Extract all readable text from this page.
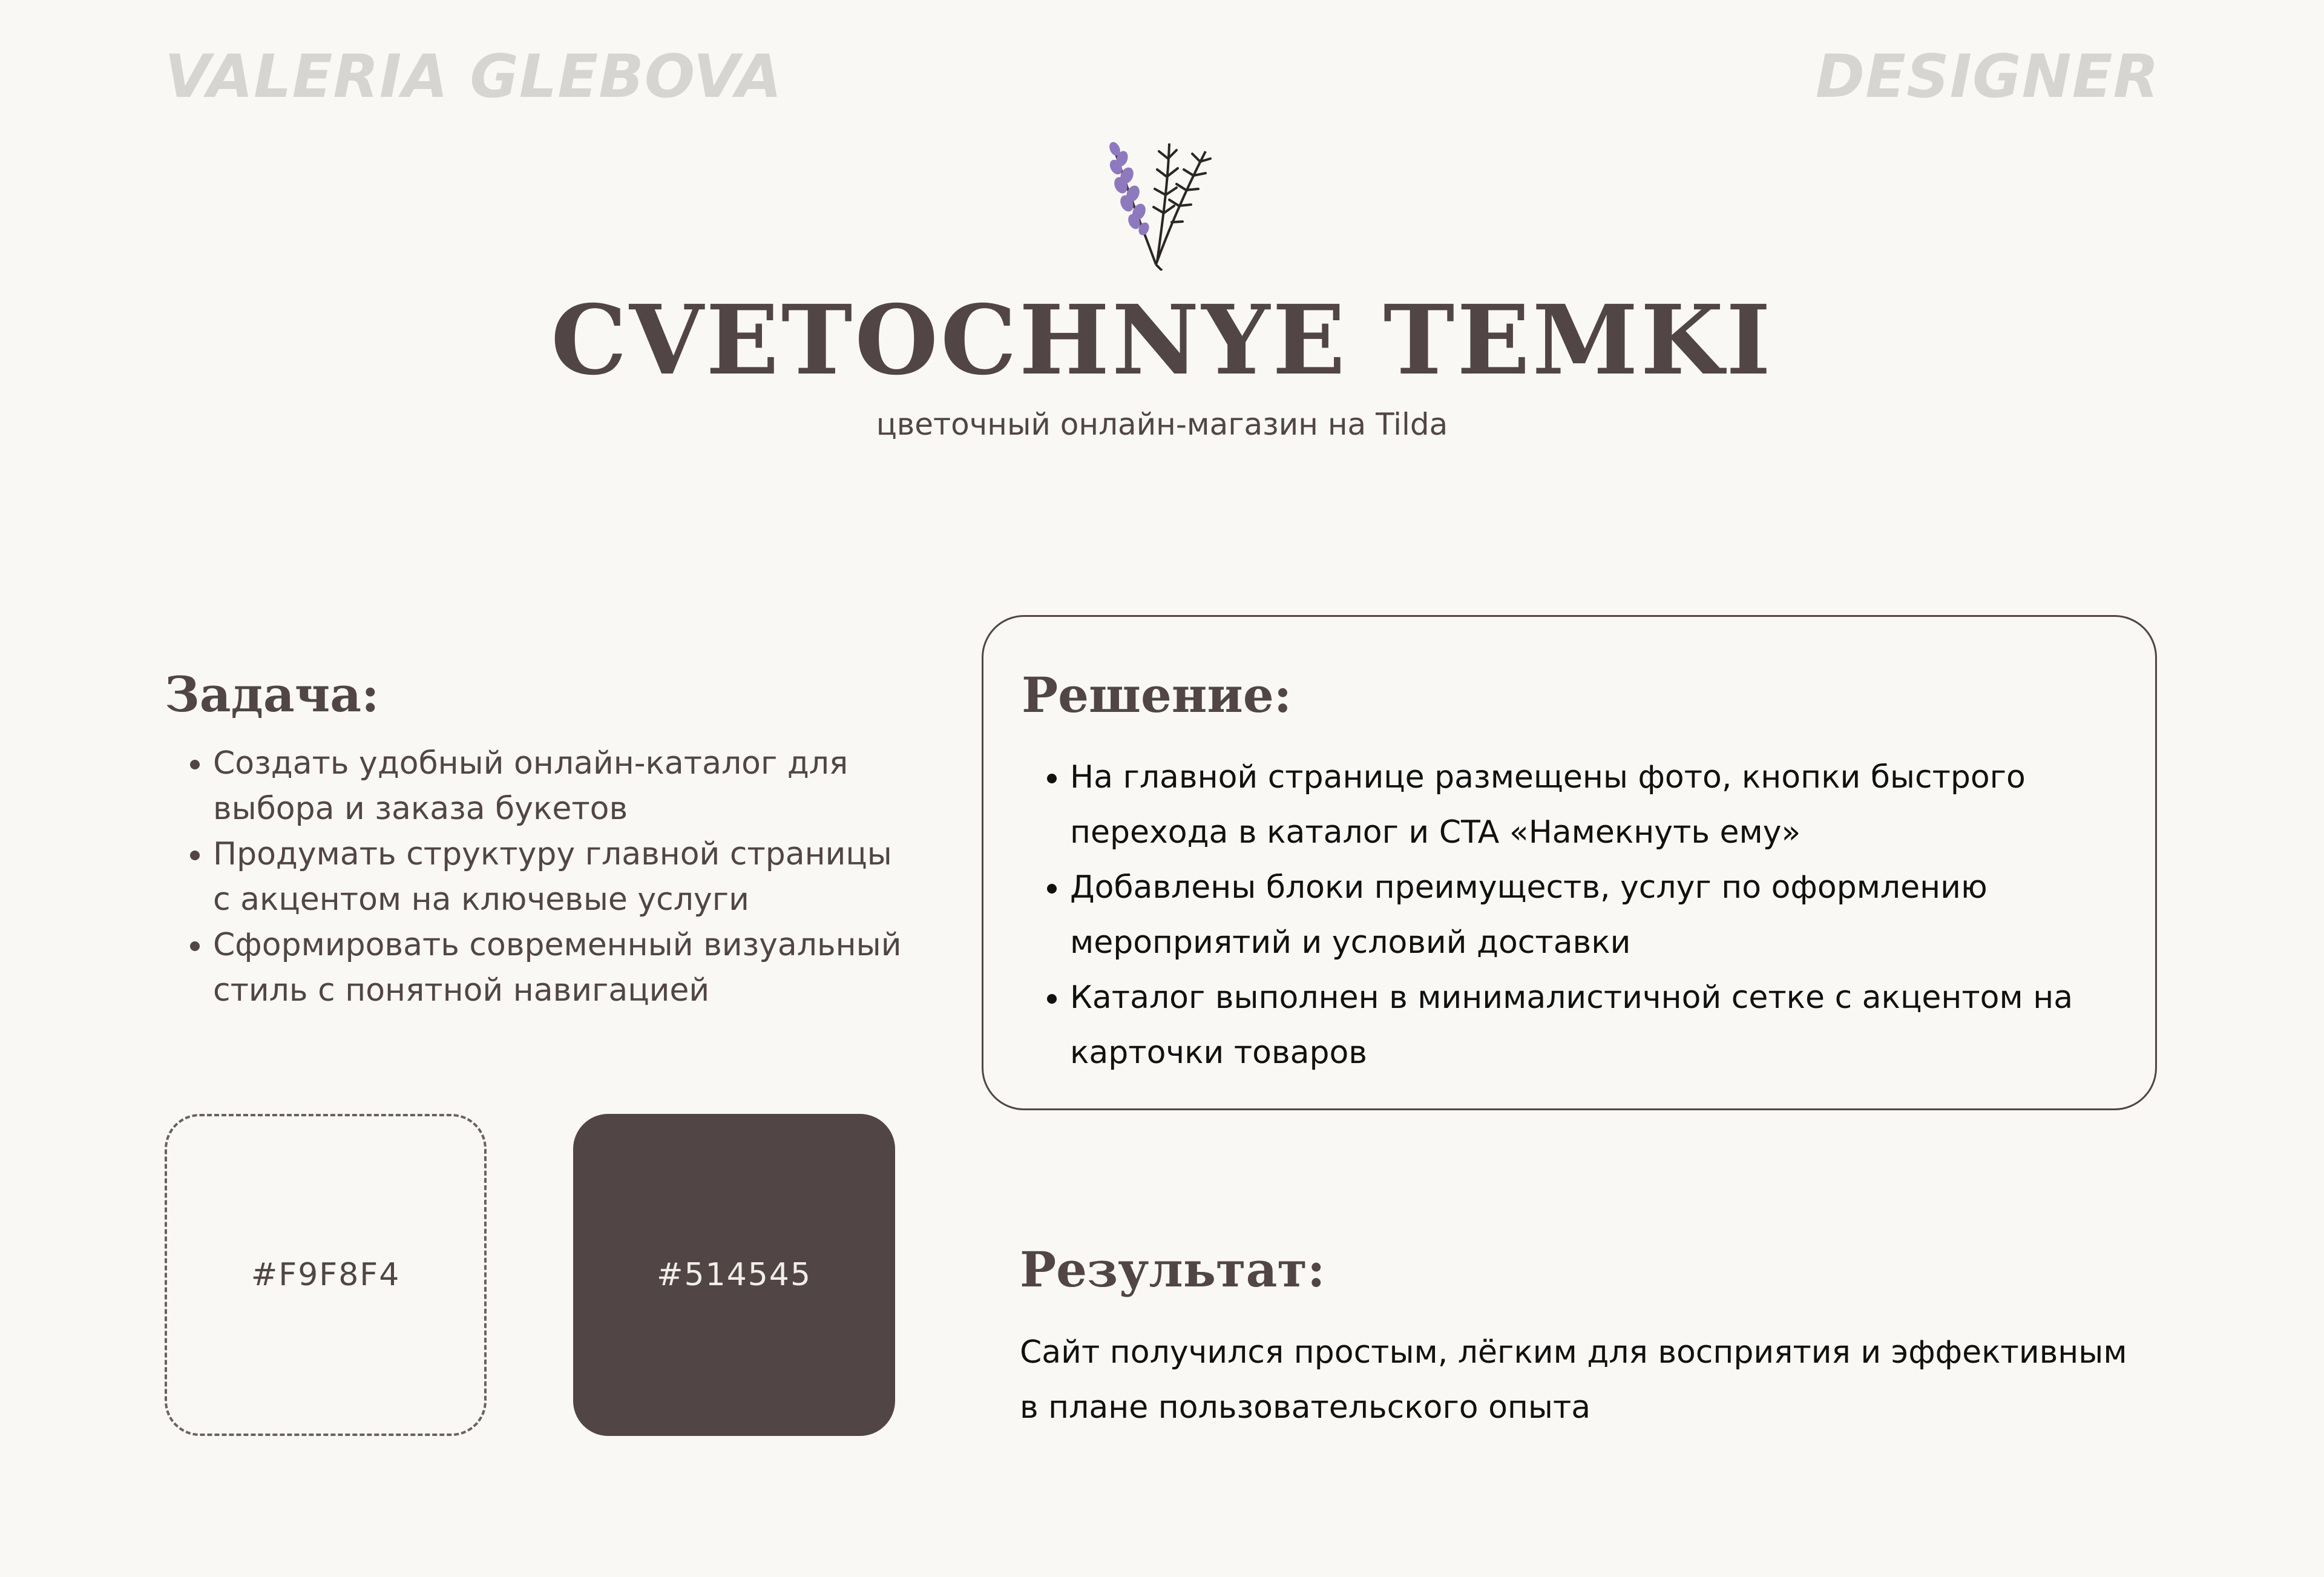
VALERIA GLEBOVA	DESIGNER
CVETOCHNYE TEMKI
цветочный онлайн-магазин на Tilda
Задача:
• Создать удобный онлайн-каталог для выбора и заказа букетов
• Продумать структуру главной страницы с акцентом на ключевые услуги
• Сформировать современный визуальный стиль с понятной навигацией
Решение:
• На главной странице размещены фото, кнопки быстрого перехода в каталог и CTA «Намекнуть ему»
• Добавлены блоки преимуществ, услуг по оформлению мероприятий и условий доставки
• Каталог выполнен в минималистичной сетке с акцентом на карточки товаров
#F9F8F4	#514545	Результат:

Сайт получился простым, лёгким для восприятия и эффективным в плане пользовательского опыта
